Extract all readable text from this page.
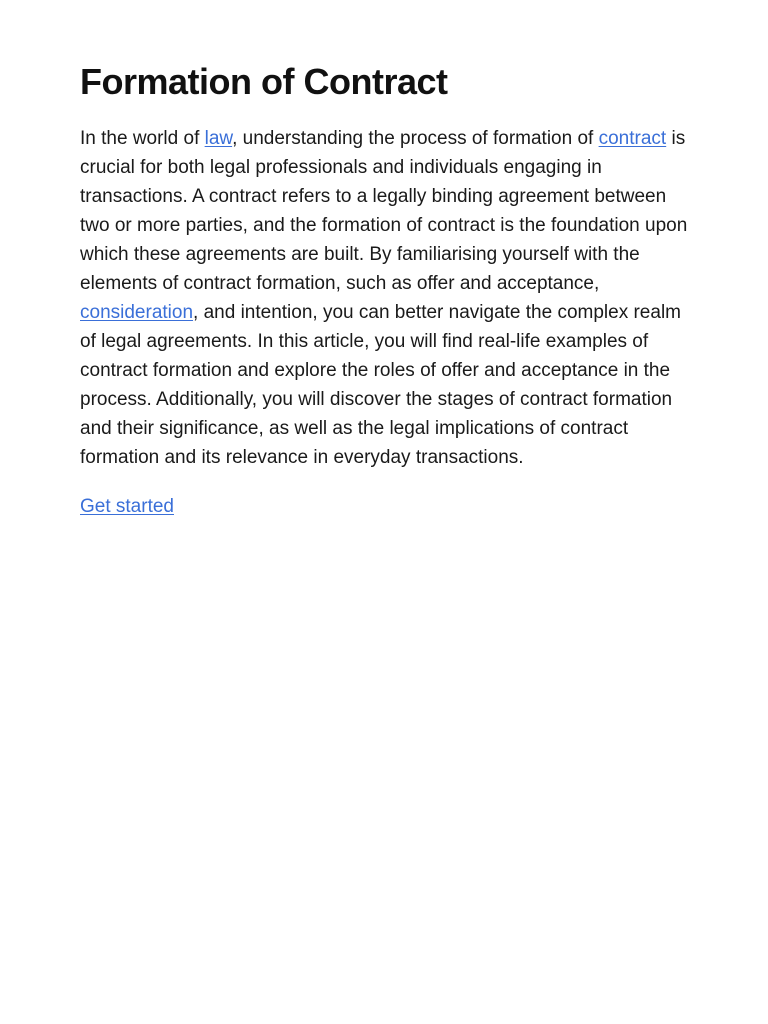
Formation of Contract

In the world of law, understanding the process of formation of contract is crucial for both legal professionals and individuals engaging in transactions. A contract refers to a legally binding agreement between two or more parties, and the formation of contract is the foundation upon which these agreements are built. By familiarising yourself with the elements of contract formation, such as offer and acceptance, consideration, and intention, you can better navigate the complex realm of legal agreements. In this article, you will find real-life examples of contract formation and explore the roles of offer and acceptance in the process. Additionally, you will discover the stages of contract formation and their significance, as well as the legal implications of contract formation and its relevance in everyday transactions.

Get started
